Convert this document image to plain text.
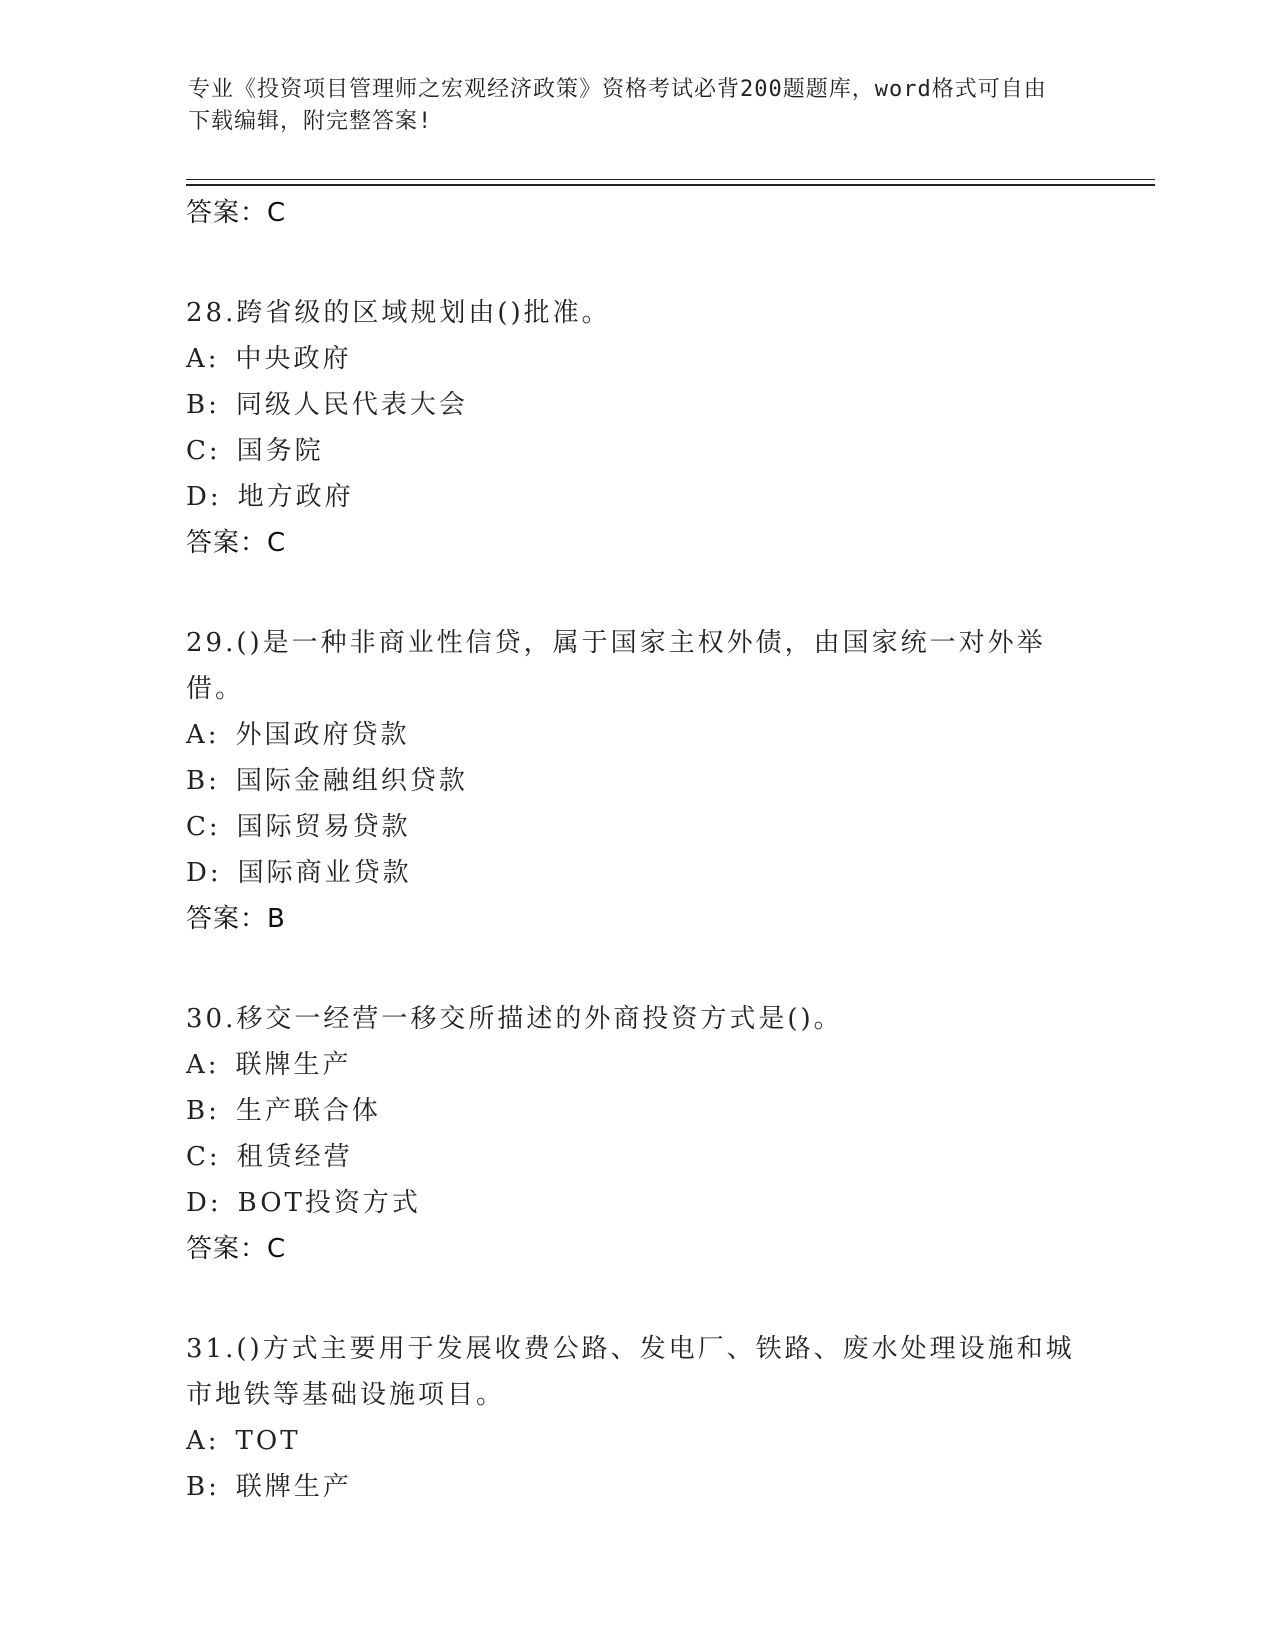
专业《投资项目管理师之宏观经济政策》资格考试必背200题题库，word格式可自由下载编辑，附完整答案!
答案：C
28.跨省级的区域规划由()批准。
A: 中央政府
B: 同级人民代表大会
C: 国务院
D: 地方政府
答案：C
29.()是一种非商业性信贷，属于国家主权外债，由国家统一对外举借。
A: 外国政府贷款
B: 国际金融组织贷款
C: 国际贸易贷款
D: 国际商业贷款
答案：B
30.移交一经营一移交所描述的外商投资方式是()。
A: 联牌生产
B: 生产联合体
C: 租赁经营
D: BOT投资方式
答案：C
31.()方式主要用于发展收费公路、发电厂、铁路、废水处理设施和城市地铁等基础设施项目。
A: TOT
B: 联牌生产
